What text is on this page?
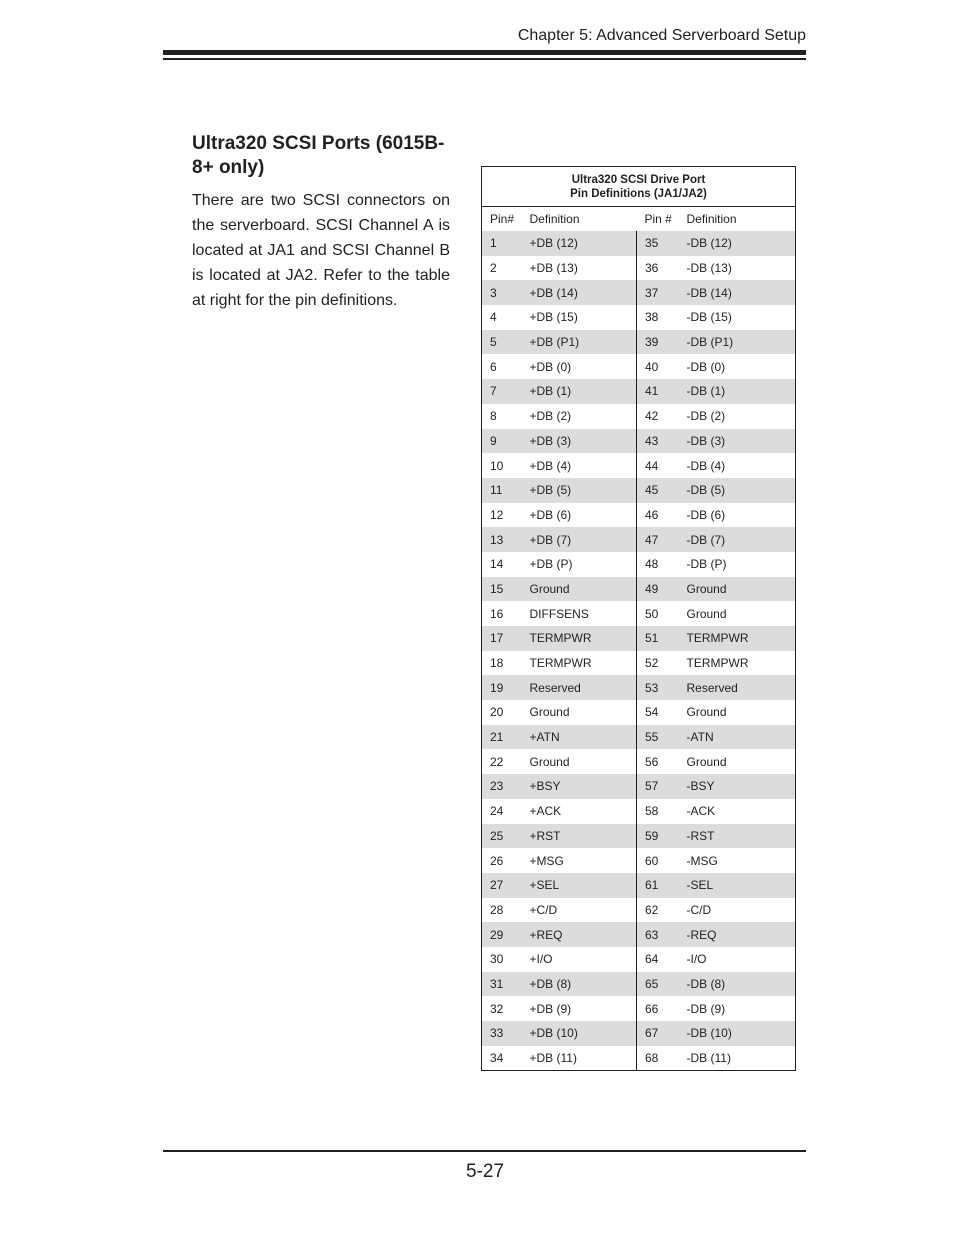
Chapter 5: Advanced Serverboard Setup
Ultra320 SCSI Ports (6015B-8+ only)

There are two SCSI connectors on the serverboard. SCSI Channel A is located at JA1 and SCSI Channel B is located at JA2. Refer to the table at right for the pin definitions.

Ultra320 SCSI Drive Port
Pin Definitions (JA1/JA2)			
Pin#	Definition	Pin #	Definition
1	+DB (12)	35	-DB (12)
2	+DB (13)	36	-DB (13)
3	+DB (14)	37	-DB (14)
4	+DB (15)	38	-DB (15)
5	+DB (P1)	39	-DB (P1)
6	+DB (0)	40	-DB (0)
7	+DB (1)	41	-DB (1)
8	+DB (2)	42	-DB (2)
9	+DB (3)	43	-DB (3)
10	+DB (4)	44	-DB (4)
11	+DB (5)	45	-DB (5)
12	+DB (6)	46	-DB (6)
13	+DB (7)	47	-DB (7)
14	+DB (P)	48	-DB (P)
15	Ground	49	Ground
16	DIFFSENS	50	Ground
17	TERMPWR	51	TERMPWR
18	TERMPWR	52	TERMPWR
19	Reserved	53	Reserved
20	Ground	54	Ground
21	+ATN	55	-ATN
22	Ground	56	Ground
23	+BSY	57	-BSY
24	+ACK	58	-ACK
25	+RST	59	-RST
26	+MSG	60	-MSG
27	+SEL	61	-SEL
28	+C/D	62	-C/D
29	+REQ	63	-REQ
30	+I/O	64	-I/O
31	+DB (8)	65	-DB (8)
32	+DB (9)	66	-DB (9)
33	+DB (10)	67	-DB (10)
34	+DB (11)	68	-DB (11)
5-27
